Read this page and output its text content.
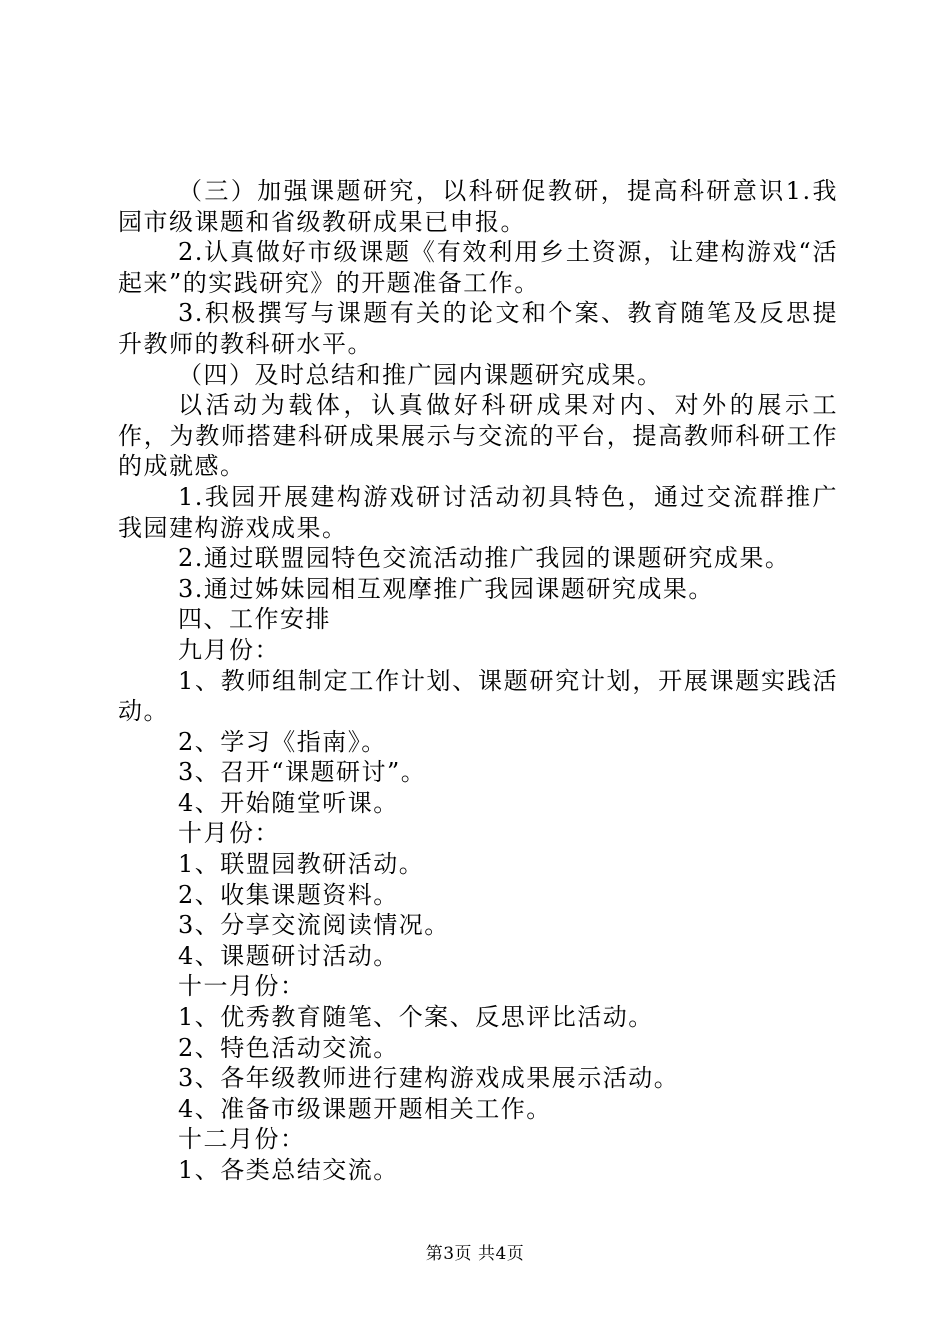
（三）加强课题研究，以科研促教研，提高科研意识1.我园市级课题和省级教研成果已申报。

2.认真做好市级课题《有效利用乡土资源，让建构游戏“活起来”的实践研究》的开题准备工作。

3.积极撰写与课题有关的论文和个案、教育随笔及反思提升教师的教科研水平。

（四）及时总结和推广园内课题研究成果。

以活动为载体，认真做好科研成果对内、对外的展示工作，为教师搭建科研成果展示与交流的平台，提高教师科研工作的成就感。

1.我园开展建构游戏研讨活动初具特色，通过交流群推广我园建构游戏成果。

2.通过联盟园特色交流活动推广我园的课题研究成果。

3.通过姊妹园相互观摩推广我园课题研究成果。

四、工作安排

九月份：

1、教师组制定工作计划、课题研究计划，开展课题实践活动。

2、学习《指南》。

3、召开“课题研讨”。

4、开始随堂听课。

十月份：

1、联盟园教研活动。

2、收集课题资料。

3、分享交流阅读情况。

4、课题研讨活动。

十一月份：

1、优秀教育随笔、个案、反思评比活动。

2、特色活动交流。

3、各年级教师进行建构游戏成果展示活动。

4、准备市级课题开题相关工作。

十二月份：

1、各类总结交流。

第3页 共4页
